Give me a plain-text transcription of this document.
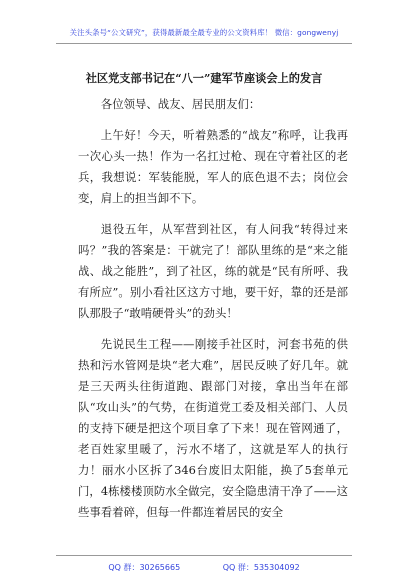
关注头条号“公文研究”，获得最新最全最专业的公文资料库！ 微信：gongwenyj
社区党支部书记在“八一”建军节座谈会上的发言

各位领导、战友、居民朋友们：

上午好！今天，听着熟悉的“战友”称呼，让我再一次心头一热！作为一名扛过枪、现在守着社区的老兵，我想说：军装能脱，军人的底色退不去；岗位会变，肩上的担当卸不下。

退役五年，从军营到社区，有人问我“转得过来吗？”我的答案是：干就完了！部队里练的是“来之能战、战之能胜”，到了社区，练的就是“民有所呼、我有所应”。别小看社区这方寸地，要干好，靠的还是部队那股子“敢啃硬骨头”的劲头！

先说民生工程——刚接手社区时，河套书苑的供热和污水管网是块“老大难”，居民反映了好几年。就是三天两头往街道跑、跟部门对接，拿出当年在部队“攻山头”的气势，在街道党工委及相关部门、人员的支持下硬是把这个项目拿了下来！现在管网通了，老百姓家里暖了，污水不堵了，这就是军人的执行力！丽水小区拆了346台废旧太阳能，换了5套单元门，4栋楼楼顶防水全做完，安全隐患清干净了——这些事看着碎，但每一件都连着居民的安全

QQ 群：30265665	QQ 群：535304092
